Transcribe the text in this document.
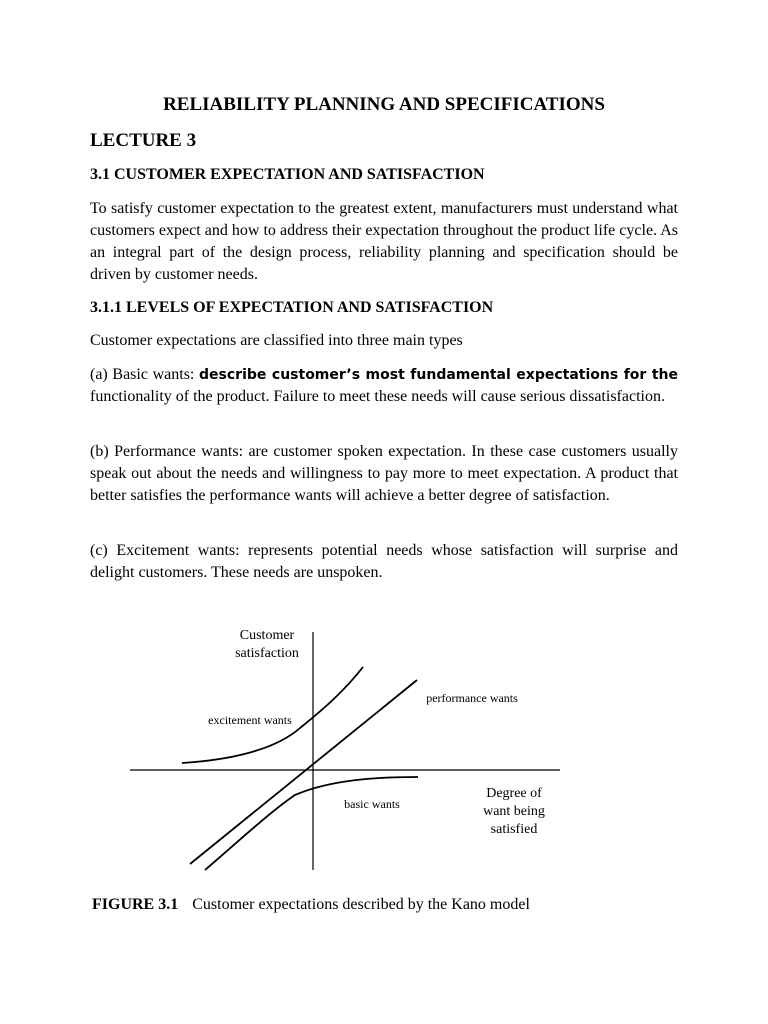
RELIABILITY PLANNING AND SPECIFICATIONS
LECTURE 3
3.1 CUSTOMER EXPECTATION AND SATISFACTION

To satisfy customer expectation to the greatest extent, manufacturers must understand what customers expect and how to address their expectation throughout the product life cycle. As an integral part of the design process, reliability planning and specification should be driven by customer needs.

3.1.1 LEVELS OF EXPECTATION AND SATISFACTION

Customer expectations are classified into three main types

(a) Basic wants: describe customer’s most fundamental expectations for the functionality of the product. Failure to meet these needs will cause serious dissatisfaction.

(b) Performance wants: are customer spoken expectation. In these case customers usually speak out about the needs and willingness to pay more to meet expectation. A product that better satisfies the performance wants will achieve a better degree of satisfaction.

(c) Excitement wants: represents potential needs whose satisfaction will surprise and delight customers. These needs are unspoken.

Customer
satisfaction
excitement wants
performance wants
basic wants
Degree of
want being
satisfied

FIGURE 3.1 Customer expectations described by the Kano model
